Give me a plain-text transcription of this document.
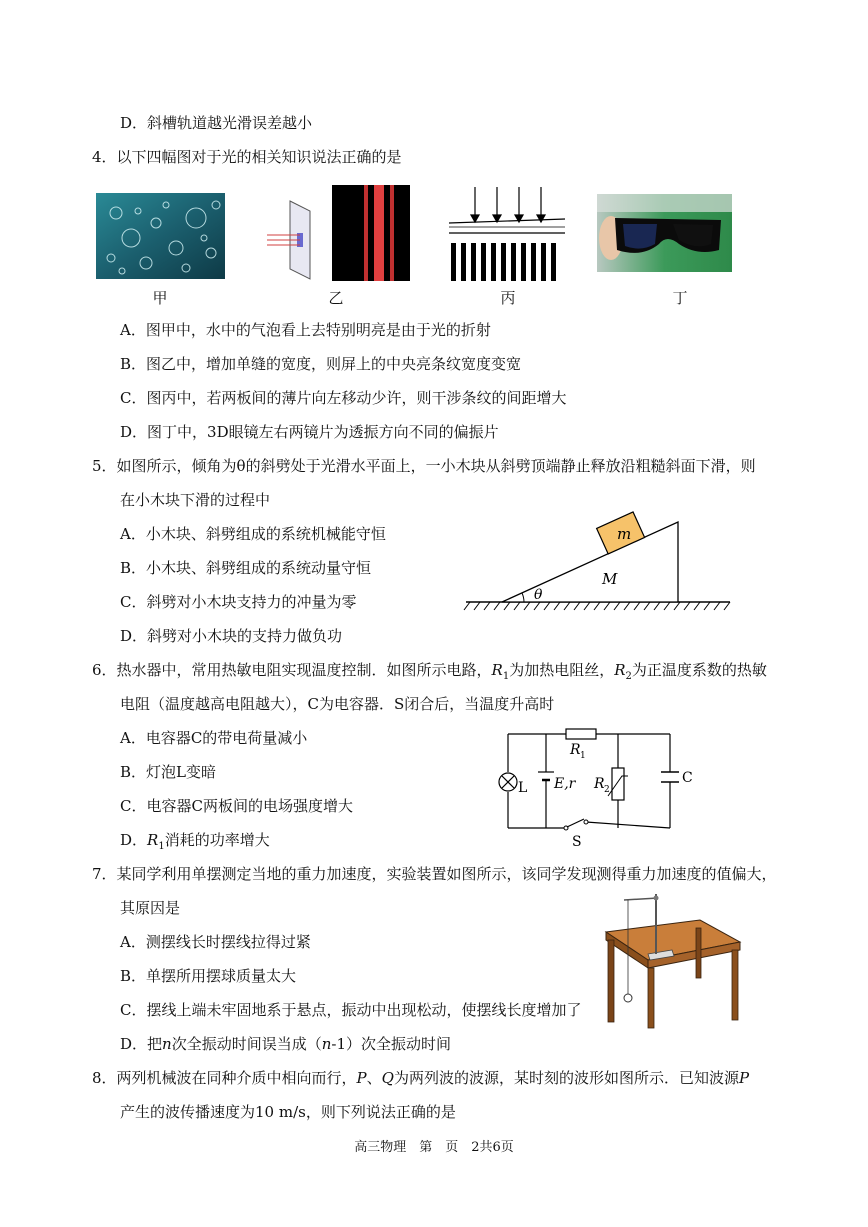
D．斜槽轨道越光滑误差越小
4．以下四幅图对于光的相关知识说法正确的是
甲	乙	丙	丁
A．图甲中，水中的气泡看上去特别明亮是由于光的折射
B．图乙中，增加单缝的宽度，则屏上的中央亮条纹宽度变宽
C．图丙中，若两板间的薄片向左移动少许，则干涉条纹的间距增大
D．图丁中，3D眼镜左右两镜片为透振方向不同的偏振片
5．如图所示，倾角为θ的斜劈处于光滑水平面上，一小木块从斜劈顶端静止释放沿粗糙斜面下滑，则
在小木块下滑的过程中
A．小木块、斜劈组成的系统机械能守恒
B．小木块、斜劈组成的系统动量守恒
C．斜劈对小木块支持力的冲量为零
D．斜劈对小木块的支持力做负功
m
M
θ
6．热水器中，常用热敏电阻实现温度控制．如图所示电路，$R_1$为加热电阻丝，$R_2$为正温度系数的热敏
电阻（温度越高电阻越大），C为电容器．S闭合后，当温度升高时
A．电容器C的带电荷量减小
B．灯泡L变暗
C．电容器C两板间的电场强度增大
D．$R_1$消耗的功率增大
R 1
R 2
E,r
L
C
S
7．某同学利用单摆测定当地的重力加速度，实验装置如图所示，该同学发现测得重力加速度的值偏大，
其原因是
A．测摆线长时摆线拉得过紧
B．单摆所用摆球质量太大
C．摆线上端未牢固地系于悬点，振动中出现松动，使摆线长度增加了
D．把n次全振动时间误当成（n-1）次全振动时间
8．两列机械波在同种介质中相向而行，P、Q为两列波的波源，某时刻的波形如图所示．已知波源P
产生的波传播速度为10 m/s，则下列说法正确的是
高三物理　第　页　2共6页
